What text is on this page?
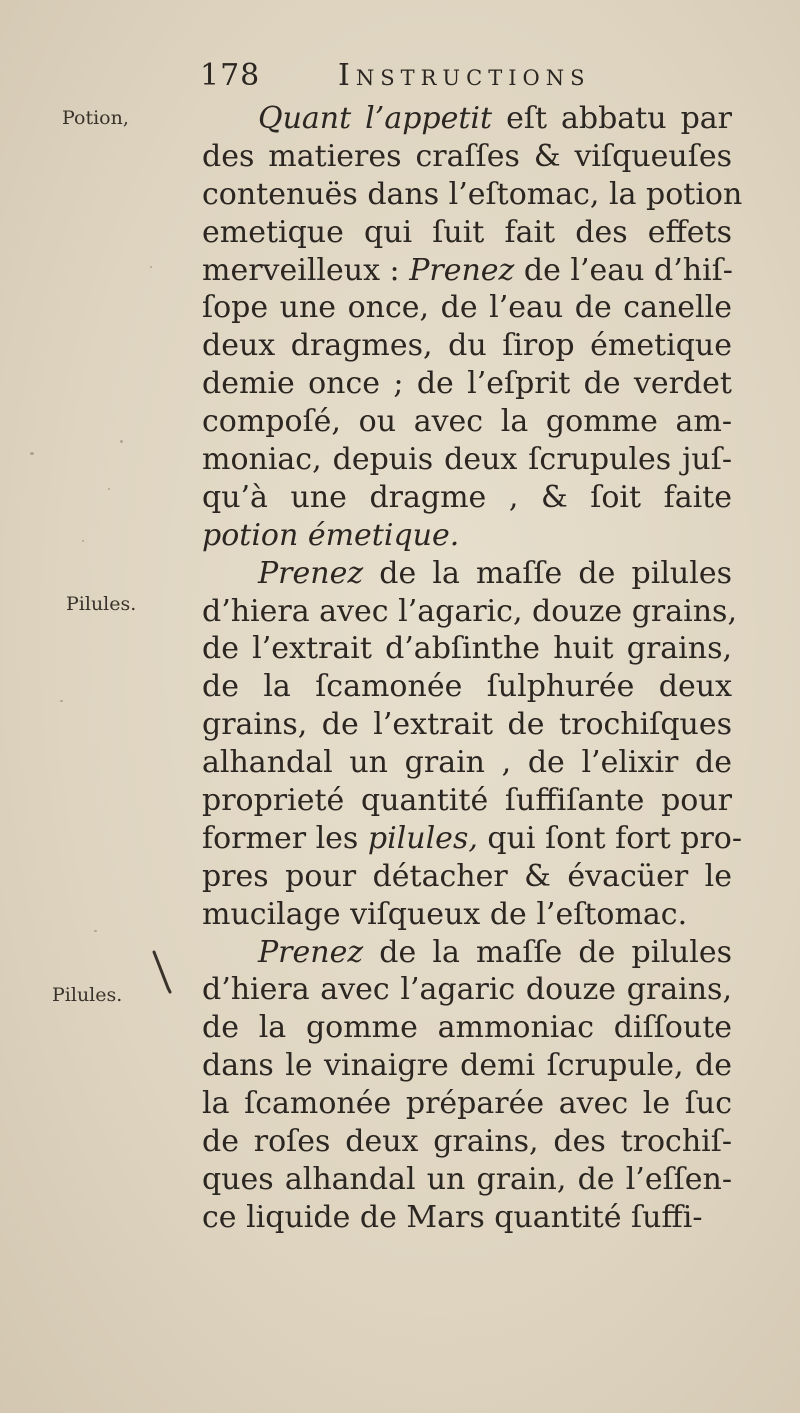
178	Instructions
Potion,
Pilules.
Pilules.
Quant l’appetit eſt abbatu par
des matieres craſſes & viſqueuſes
contenuës dans l’eſtomac, la potion
emetique qui ſuit fait des effets
merveilleux : Prenez de l’eau d’hiſ-
ſope une once, de l’eau de canelle
deux dragmes, du ſirop émetique
demie once ; de l’eſprit de verdet
compoſé, ou avec la gomme am-
moniac, depuis deux ſcrupules juſ-
qu’à une dragme , & ſoit faite
potion émetique.
Prenez de la maſſe de pilules
d’hiera avec l’agaric, douze grains,
de l’extrait d’abſinthe huit grains,
de la ſcamonée ſulphurée deux
grains, de l’extrait de trochiſques
alhandal un grain , de l’elixir de
proprieté quantité ſuffiſante pour
former les pilules, qui ſont fort pro-
pres pour détacher & évacüer le
mucilage viſqueux de l’eſtomac.
Prenez de la maſſe de pilules
d’hiera avec l’agaric douze grains,
de la gomme ammoniac diſſoute
dans le vinaigre demi ſcrupule, de
la ſcamonée préparée avec le ſuc
de roſes deux grains, des trochiſ-
ques alhandal un grain, de l’eſſen-
ce liquide de Mars quantité ſuffi-
